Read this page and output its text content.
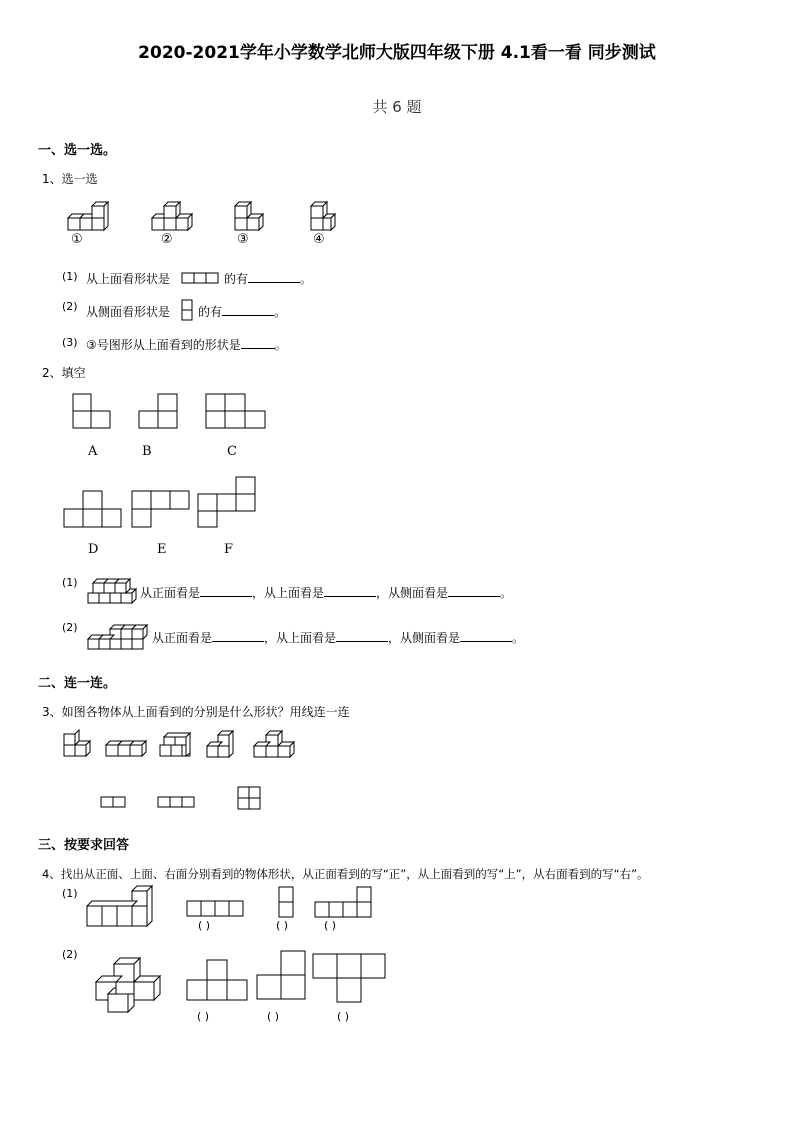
2020-2021学年小学数学北师大版四年级下册 4.1看一看 同步测试
共 6 题
一、选一选。
1、选一选
①	②	③	④
(1) 从上面看形状是	的有	。
(2) 从侧面看形状是 的有	。
(3) ③号图形从上面看到的形状是	。
2、填空
A	B	C
D	E	F
(1)
从正面看是	，从上面看是	，从侧面看是	。
(2)
从正面看是	，从上面看是	，从侧面看是	。
二、连一连。
3、如图各物体从上面看到的分别是什么形状？用线连一连
三、按要求回答
4、找出从正面、上面、右面分别看到的物体形状，从正面看到的写“正”，从上面看到的写“上”，从右面看到的写“右”。
(1)
( )	( )	( )
(2)
( )	( )	( )
